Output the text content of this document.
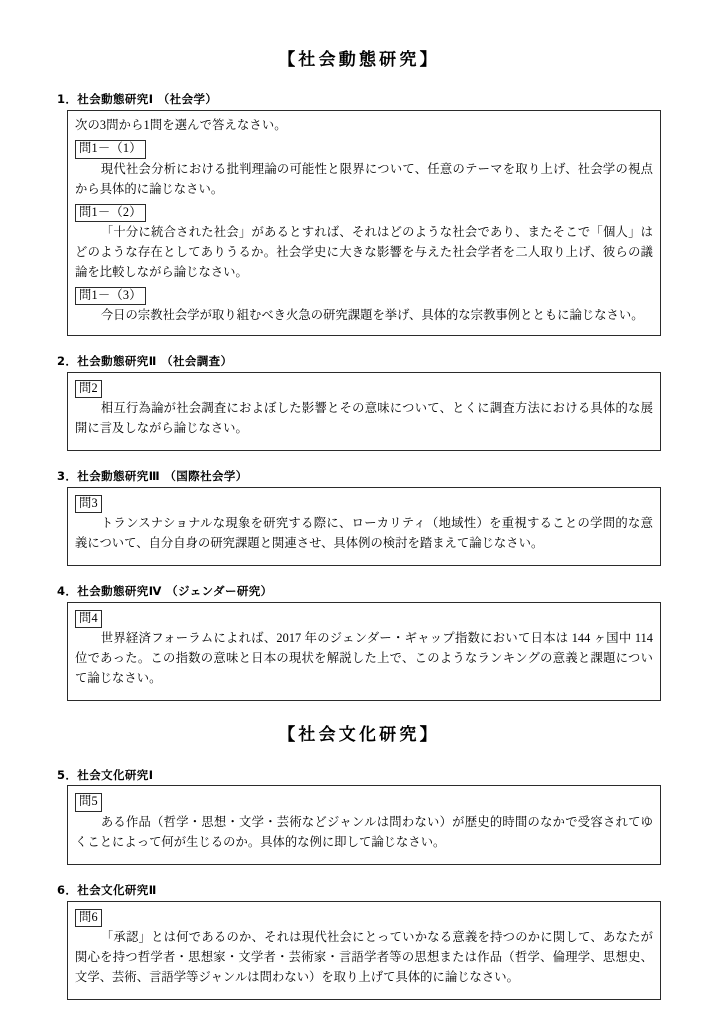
【社会動態研究】
1．社会動態研究Ⅰ （社会学）
次の3問から1問を選んで答えなさい。
問1－（1）
現代社会分析における批判理論の可能性と限界について、任意のテーマを取り上げ、社会学の視点から具体的に論じなさい。
問1－（2）
「十分に統合された社会」があるとすれば、それはどのような社会であり、またそこで「個人」はどのような存在としてありうるか。社会学史に大きな影響を与えた社会学者を二人取り上げ、彼らの議論を比較しながら論じなさい。
問1－（3）
今日の宗教社会学が取り組むべき火急の研究課題を挙げ、具体的な宗教事例とともに論じなさい。
2．社会動態研究Ⅱ （社会調査）
問2
相互行為論が社会調査におよぼした影響とその意味について、とくに調査方法における具体的な展開に言及しながら論じなさい。
3．社会動態研究Ⅲ （国際社会学）
問3
トランスナショナルな現象を研究する際に、ローカリティ（地域性）を重視することの学問的な意義について、自分自身の研究課題と関連させ、具体例の検討を踏まえて論じなさい。
4．社会動態研究Ⅳ （ジェンダー研究）
問4
世界経済フォーラムによれば、2017 年のジェンダー・ギャップ指数において日本は 144 ヶ国中 114 位であった。この指数の意味と日本の現状を解説した上で、このようなランキングの意義と課題について論じなさい。
【社会文化研究】
5．社会文化研究Ⅰ
問5
ある作品（哲学・思想・文学・芸術などジャンルは問わない）が歴史的時間のなかで受容されてゆくことによって何が生じるのか。具体的な例に即して論じなさい。
6．社会文化研究Ⅱ
問6
「承認」とは何であるのか、それは現代社会にとっていかなる意義を持つのかに関して、あなたが関心を持つ哲学者・思想家・文学者・芸術家・言語学者等の思想または作品（哲学、倫理学、思想史、文学、芸術、言語学等ジャンルは問わない）を取り上げて具体的に論じなさい。
